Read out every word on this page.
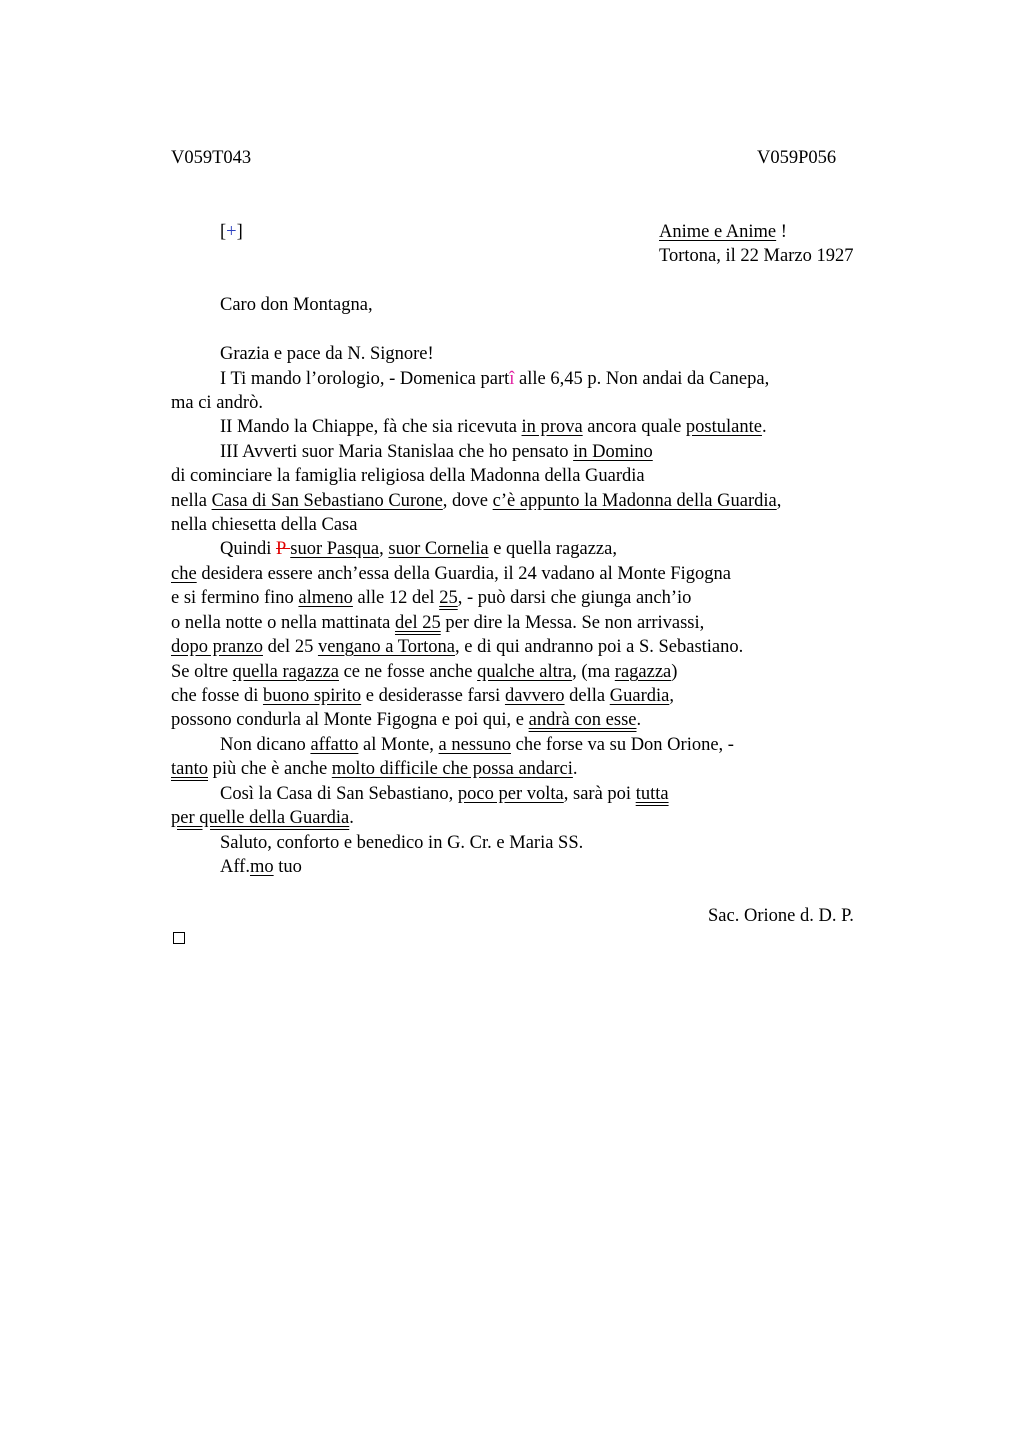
V059T043	V059P056
[+]	Anime e Anime !
Tortona, il 22 Marzo 1927
Caro don Montagna,
Grazia e pace da N. Signore!
I Ti mando l’orologio, - Domenica partî alle 6,45 p. Non andai da Canepa,
ma ci andrò.
II Mando la Chiappe, fà che sia ricevuta in prova ancora quale postulante.
III Avverti suor Maria Stanislaa che ho pensato in Domino
di cominciare la famiglia religiosa della Madonna della Guardia
nella Casa di San Sebastiano Curone, dove c’è appunto la Madonna della Guardia,
nella chiesetta della Casa
Quindi P suor Pasqua, suor Cornelia e quella ragazza,
che desidera essere anch’essa della Guardia, il 24 vadano al Monte Figogna
e si fermino fino almeno alle 12 del 25, - può darsi che giunga anch’io
o nella notte o nella mattinata del 25 per dire la Messa. Se non arrivassi,
dopo pranzo del 25 vengano a Tortona, e di qui andranno poi a S. Sebastiano.
Se oltre quella ragazza ce ne fosse anche qualche altra, (ma ragazza)
che fosse di buono spirito e desiderasse farsi davvero della Guardia,
possono condurla al Monte Figogna e poi qui, e andrà con esse.
Non dicano affatto al Monte, a nessuno che forse va su Don Orione, -
tanto più che è anche molto difficile che possa andarci.
Così la Casa di San Sebastiano, poco per volta, sarà poi tutta
per quelle della Guardia.
Saluto, conforto e benedico in G. Cr. e Maria SS.
Aff.mo tuo
Sac. Orione d. D. P.
